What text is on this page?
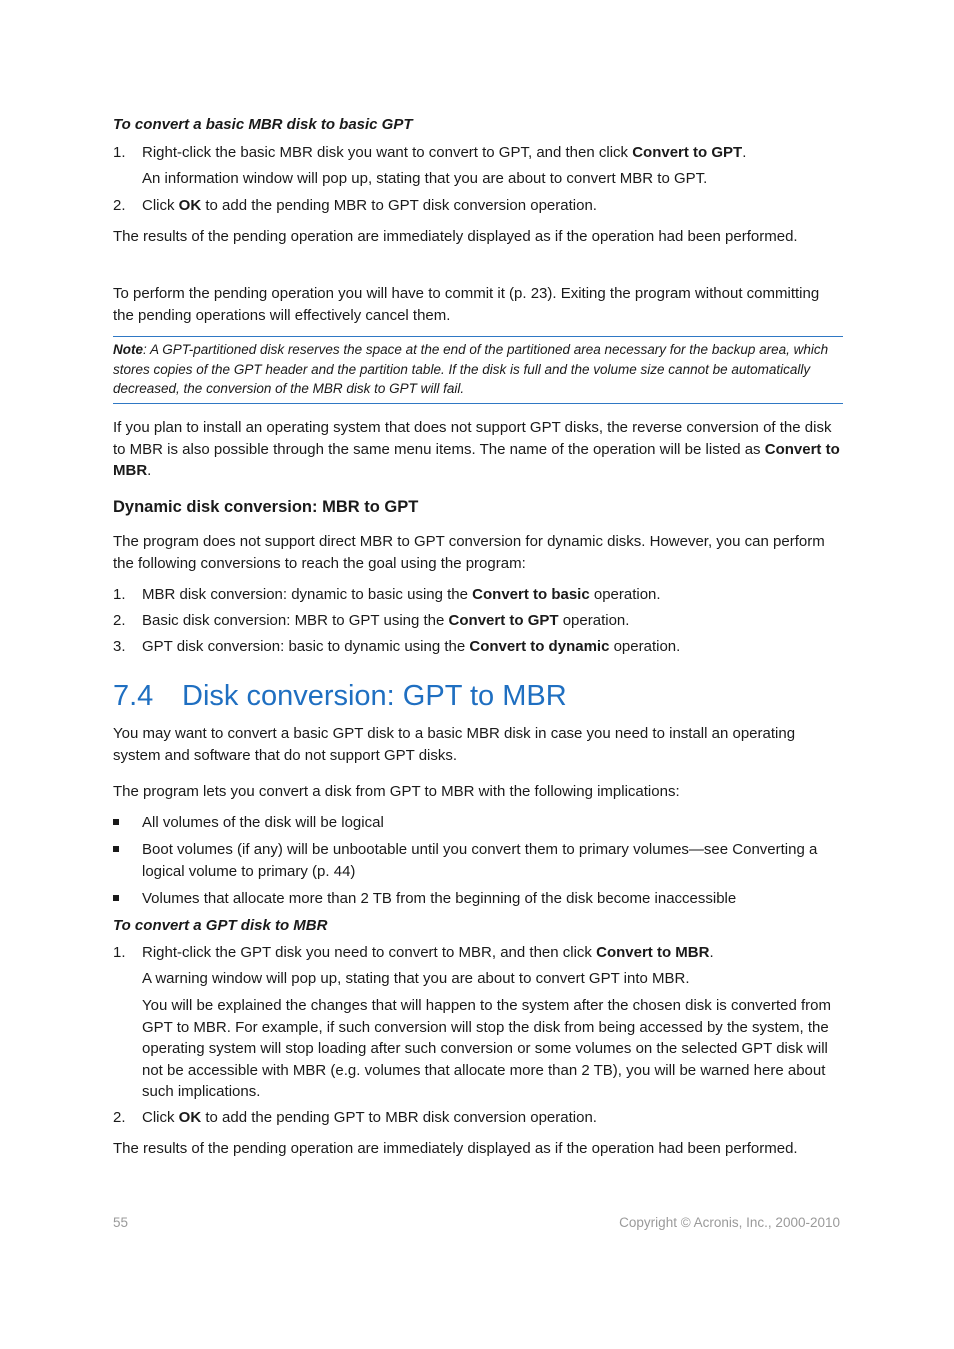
To convert a basic MBR disk to basic GPT
1. Right-click the basic MBR disk you want to convert to GPT, and then click Convert to GPT.
An information window will pop up, stating that you are about to convert MBR to GPT.
2. Click OK to add the pending MBR to GPT disk conversion operation.
The results of the pending operation are immediately displayed as if the operation had been performed.
To perform the pending operation you will have to commit it (p. 23). Exiting the program without committing the pending operations will effectively cancel them.
Note: A GPT-partitioned disk reserves the space at the end of the partitioned area necessary for the backup area, which stores copies of the GPT header and the partition table. If the disk is full and the volume size cannot be automatically decreased, the conversion of the MBR disk to GPT will fail.
If you plan to install an operating system that does not support GPT disks, the reverse conversion of the disk to MBR is also possible through the same menu items. The name of the operation will be listed as Convert to MBR.
Dynamic disk conversion: MBR to GPT
The program does not support direct MBR to GPT conversion for dynamic disks. However, you can perform the following conversions to reach the goal using the program:
1. MBR disk conversion: dynamic to basic using the Convert to basic operation.
2. Basic disk conversion: MBR to GPT using the Convert to GPT operation.
3. GPT disk conversion: basic to dynamic using the Convert to dynamic operation.
7.4 Disk conversion: GPT to MBR
You may want to convert a basic GPT disk to a basic MBR disk in case you need to install an operating system and software that do not support GPT disks.
The program lets you convert a disk from GPT to MBR with the following implications:
All volumes of the disk will be logical
Boot volumes (if any) will be unbootable until you convert them to primary volumes—see Converting a logical volume to primary (p. 44)
Volumes that allocate more than 2 TB from the beginning of the disk become inaccessible
To convert a GPT disk to MBR
1. Right-click the GPT disk you need to convert to MBR, and then click Convert to MBR.
A warning window will pop up, stating that you are about to convert GPT into MBR.
You will be explained the changes that will happen to the system after the chosen disk is converted from GPT to MBR. For example, if such conversion will stop the disk from being accessed by the system, the operating system will stop loading after such conversion or some volumes on the selected GPT disk will not be accessible with MBR (e.g. volumes that allocate more than 2 TB), you will be warned here about such implications.
2. Click OK to add the pending GPT to MBR disk conversion operation.
The results of the pending operation are immediately displayed as if the operation had been performed.
55	Copyright © Acronis, Inc., 2000-2010
